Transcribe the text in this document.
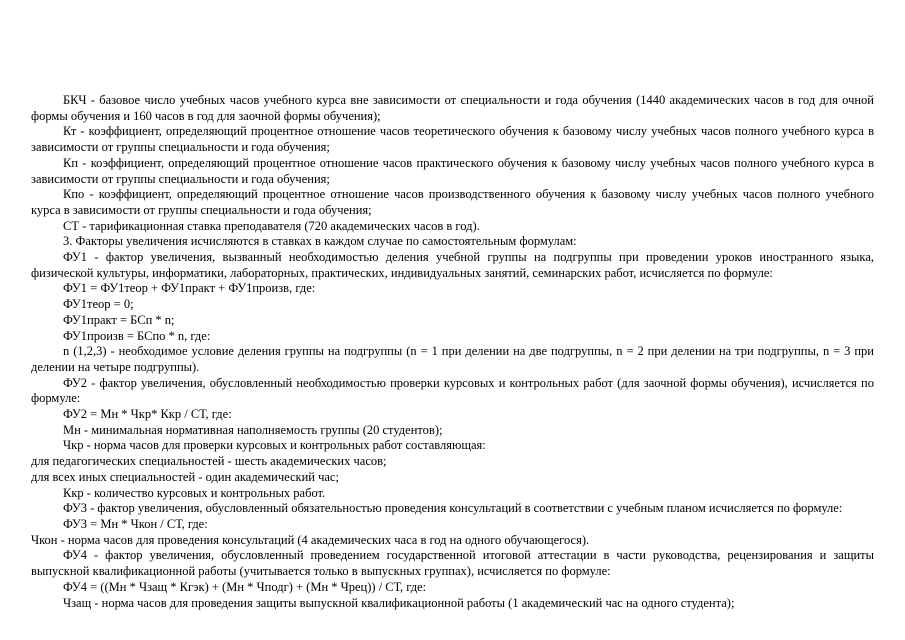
БКЧ - базовое число учебных часов учебного курса вне зависимости от специальности и года обучения (1440 академических часов в год для очной формы обучения и 160 часов в год для заочной формы обучения);

Кт - коэффициент, определяющий процентное отношение часов теоретического обучения к базовому числу учебных часов полного учебного курса в зависимости от группы специальности и года обучения;

Кп - коэффициент, определяющий процентное отношение часов практического обучения к базовому числу учебных часов полного учебного курса в зависимости от группы специальности и года обучения;

Кпо - коэффициент, определяющий процентное отношение часов производственного обучения к базовому числу учебных часов полного учебного курса в зависимости от группы специальности и года обучения;

СТ - тарификационная ставка преподавателя (720 академических часов в год).

3. Факторы увеличения исчисляются в ставках в каждом случае по самостоятельным формулам:

ФУ1 - фактор увеличения, вызванный необходимостью деления учебной группы на подгруппы при проведении уроков иностранного языка, физической культуры, информатики, лабораторных, практических, индивидуальных занятий, семинарских работ, исчисляется по формуле:

ФУ1 = ФУ1теор + ФУ1практ + ФУ1произв, где:

ФУ1теор = 0;

ФУ1практ = БСп * n;

ФУ1произв = БСпо * n, где:

n (1,2,3) - необходимое условие деления группы на подгруппы (n = 1 при делении на две подгруппы, n = 2 при делении на три подгруппы, n = 3 при делении на четыре подгруппы).

ФУ2 - фактор увеличения, обусловленный необходимостью проверки курсовых и контрольных работ (для заочной формы обучения), исчисляется по формуле:

ФУ2 = Мн * Чкр* Ккр / СТ, где:

Мн - минимальная нормативная наполняемость группы (20 студентов);

Чкр - норма часов для проверки курсовых и контрольных работ составляющая:

для педагогических специальностей - шесть академических часов;

для всех иных специальностей - один академический час;

Ккр - количество курсовых и контрольных работ.

ФУ3 - фактор увеличения, обусловленный обязательностью проведения консультаций в соответствии с учебным планом исчисляется по формуле:

ФУ3 = Мн * Чкон / СТ, где:

Чкон - норма часов для проведения консультаций (4 академических часа в год на одного обучающегося).

ФУ4 - фактор увеличения, обусловленный проведением государственной итоговой аттестации в части руководства, рецензирования и защиты выпускной квалификационной работы (учитывается только в выпускных группах), исчисляется по формуле:

ФУ4 = ((Мн * Чзащ * Кгэк) + (Мн * Чподг) + (Мн * Чрец)) / СТ, где:

Чзащ - норма часов для проведения защиты выпускной квалификационной работы (1 академический час на одного студента);
